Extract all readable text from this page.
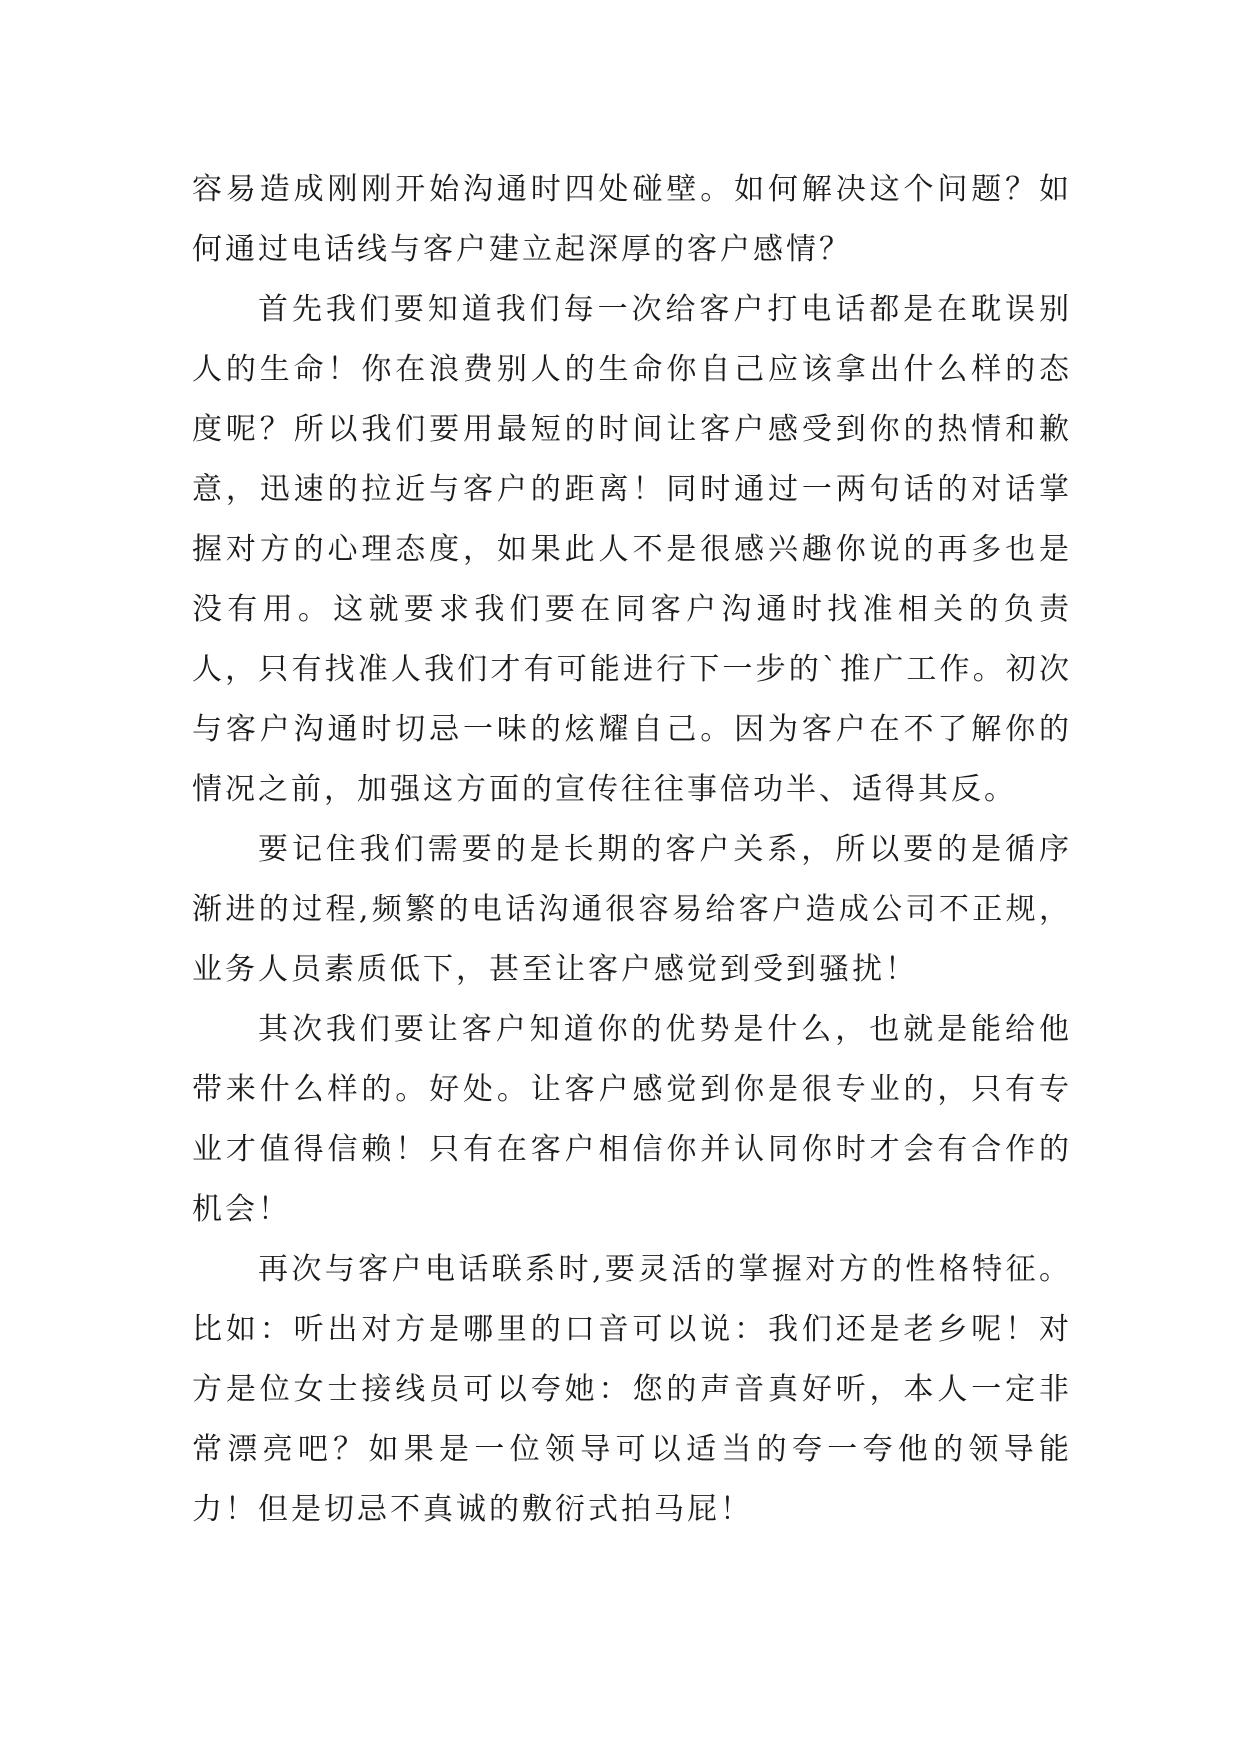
容易造成刚刚开始沟通时四处碰壁。如何解决这个问题？如何通过电话线与客户建立起深厚的客户感情？

首先我们要知道我们每一次给客户打电话都是在耽误别人的生命！你在浪费别人的生命你自己应该拿出什么样的态度呢？所以我们要用最短的时间让客户感受到你的热情和歉意，迅速的拉近与客户的距离！同时通过一两句话的对话掌握对方的心理态度，如果此人不是很感兴趣你说的再多也是没有用。这就要求我们要在同客户沟通时找准相关的负责人，只有找准人我们才有可能进行下一步的`推广工作。初次与客户沟通时切忌一味的炫耀自己。因为客户在不了解你的情况之前，加强这方面的宣传往往事倍功半、适得其反。

要记住我们需要的是长期的客户关系，所以要的是循序渐进的过程,频繁的电话沟通很容易给客户造成公司不正规，业务人员素质低下，甚至让客户感觉到受到骚扰！

其次我们要让客户知道你的优势是什么，也就是能给他带来什么样的。好处。让客户感觉到你是很专业的，只有专业才值得信赖！只有在客户相信你并认同你时才会有合作的机会！

再次与客户电话联系时,要灵活的掌握对方的性格特征。比如：听出对方是哪里的口音可以说：我们还是老乡呢！对方是位女士接线员可以夸她：您的声音真好听，本人一定非常漂亮吧？如果是一位领导可以适当的夸一夸他的领导能力！但是切忌不真诚的敷衍式拍马屁！
